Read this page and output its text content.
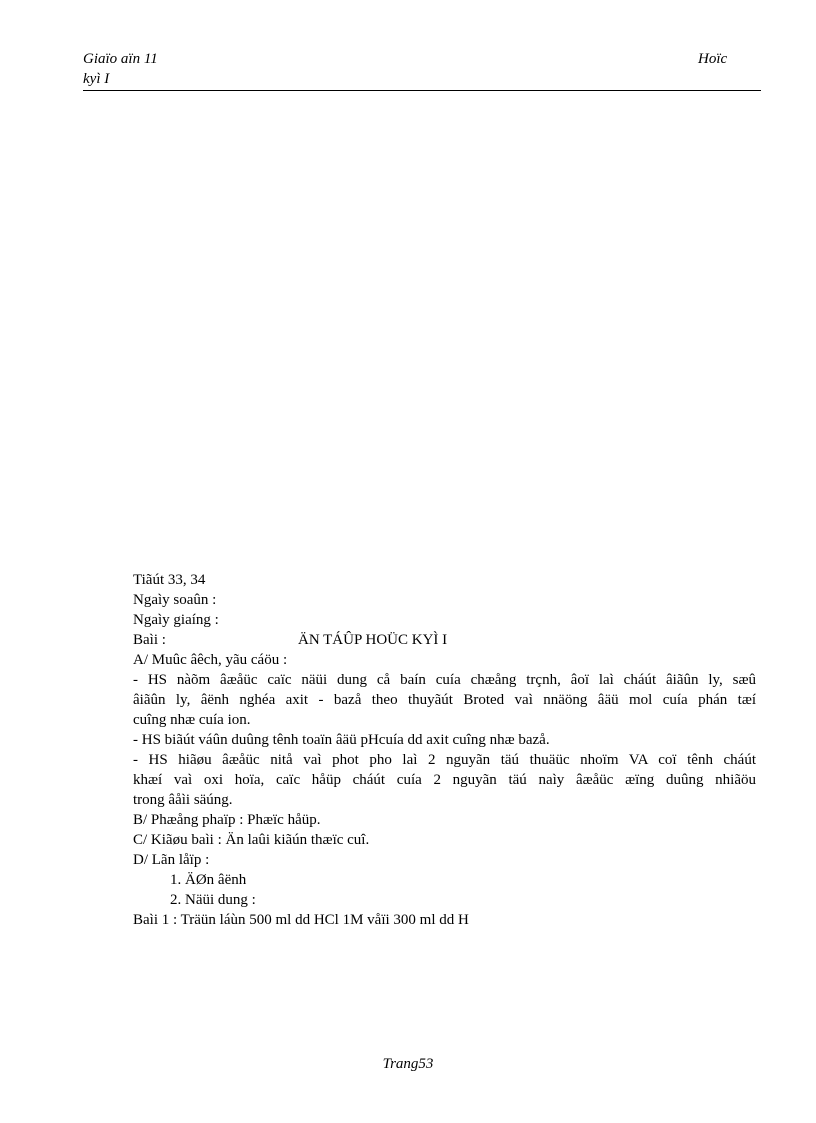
Giaïo aïn 11
kyì I
Hoïc
Tiãút 33, 34
Ngaìy soaûn :
Ngaìy giaíng :
Baìi :	ÄN TÁÛP HOÜC KYÌ I
A/ Muûc âêch, yãu cáöu :
- HS nàõm âæåüc caïc näüi dung cå baín cuía chæång trçnh, âoï laì cháút âiãûn ly, sæû
âiãûn ly, âënh nghéa axit - bazå theo thuyãút Broted vaì nnäöng âäü mol cuía phán tæí
cuîng nhæ cuía ion.
- HS biãút váûn duûng tênh toaïn âäü pHcuía dd axit cuîng nhæ bazå.
- HS hiãøu âæåüc nitå vaì phot pho laì 2 nguyãn täú thuäüc nhoïm VA coï tênh cháút
khæí vaì oxi hoïa, caïc håüp cháút cuía 2 nguyãn täú naìy âæåüc æïng duûng nhiãöu
trong âåìi säúng.
B/ Phæång phaïp : Phæïc håüp.
C/ Kiãøu baìi : Än laûi kiãún thæïc cuî.
D/ Lãn låïp :
1. ÄØn âënh
2. Näüi dung :
Baìi 1 : Träün láùn 500 ml dd HCl 1M våïi 300 ml dd H
Trang53
